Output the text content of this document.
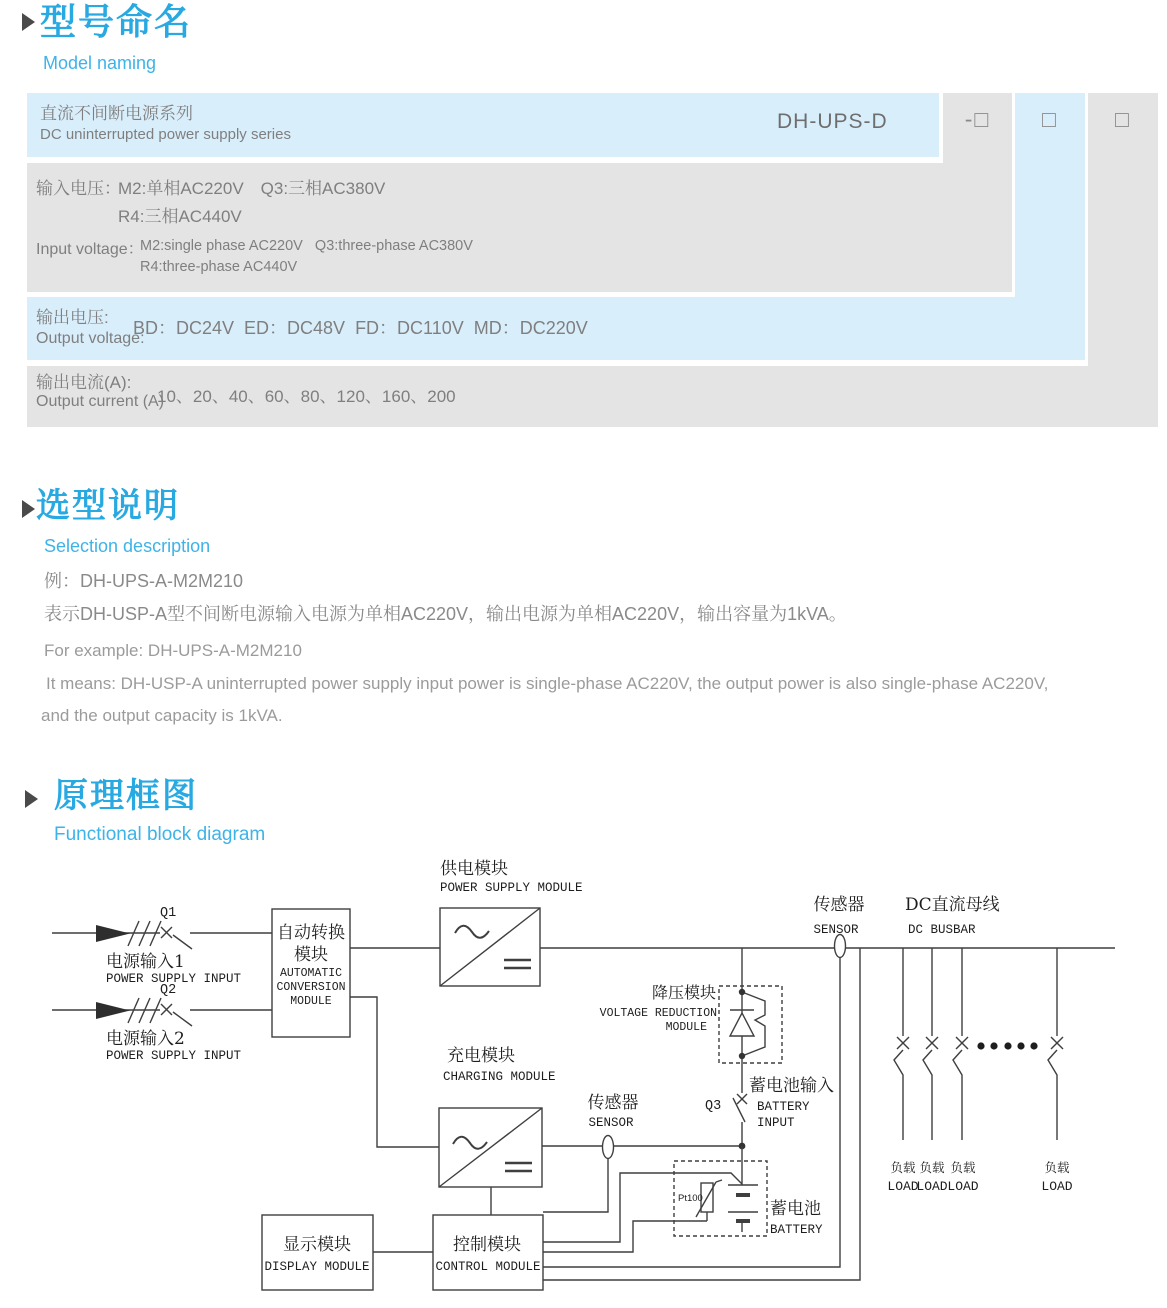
型号命名
Model naming
直流不间断电源系列
DC uninterrupted power supply series
DH-UPS-D	-□	□	□
输入电压：
M2:单相AC220V　Q3:三相AC380V
R4:三相AC440V
Input voltage：
M2:single phase AC220V   Q3:three-phase AC380V
R4:three-phase AC440V
输出电压:
Output voltage:
BD：DC24V  ED：DC48V  FD：DC110V  MD：DC220V
输出电流(A):
Output current (A)
10、20、40、60、80、120、160、200
选型说明
Selection description
例：DH-UPS-A-M2M210
表示DH-USP-A型不间断电源输入电源为单相AC220V，输出电源为单相AC220V，输出容量为1kVA。
For example: DH-UPS-A-M2M210
It means: DH-USP-A uninterrupted power supply input power is single-phase AC220V, the output power is also single-phase AC220V,
and the output capacity is 1kVA.
原理框图
Functional block diagram
Q1
Q2
电源输入1
POWER SUPPLY INPUT
电源输入2
POWER SUPPLY INPUT
自动转换
模块
AUTOMATIC
CONVERSION
MODULE
供电模块
POWER SUPPLY MODULE
传感器
SENSOR
DC直流母线
DC BUSBAR
降压模块
VOLTAGE REDUCTION
MODULE
蓄电池输入
BATTERY
INPUT
Q3
充电模块
CHARGING MODULE
传感器
SENSOR
蓄电池
BATTERY
Pt100
显示模块
DISPLAY MODULE
控制模块
CONTROL MODULE
负载 负载 负载	负载
LOAD
LOAD LOAD	LOAD
